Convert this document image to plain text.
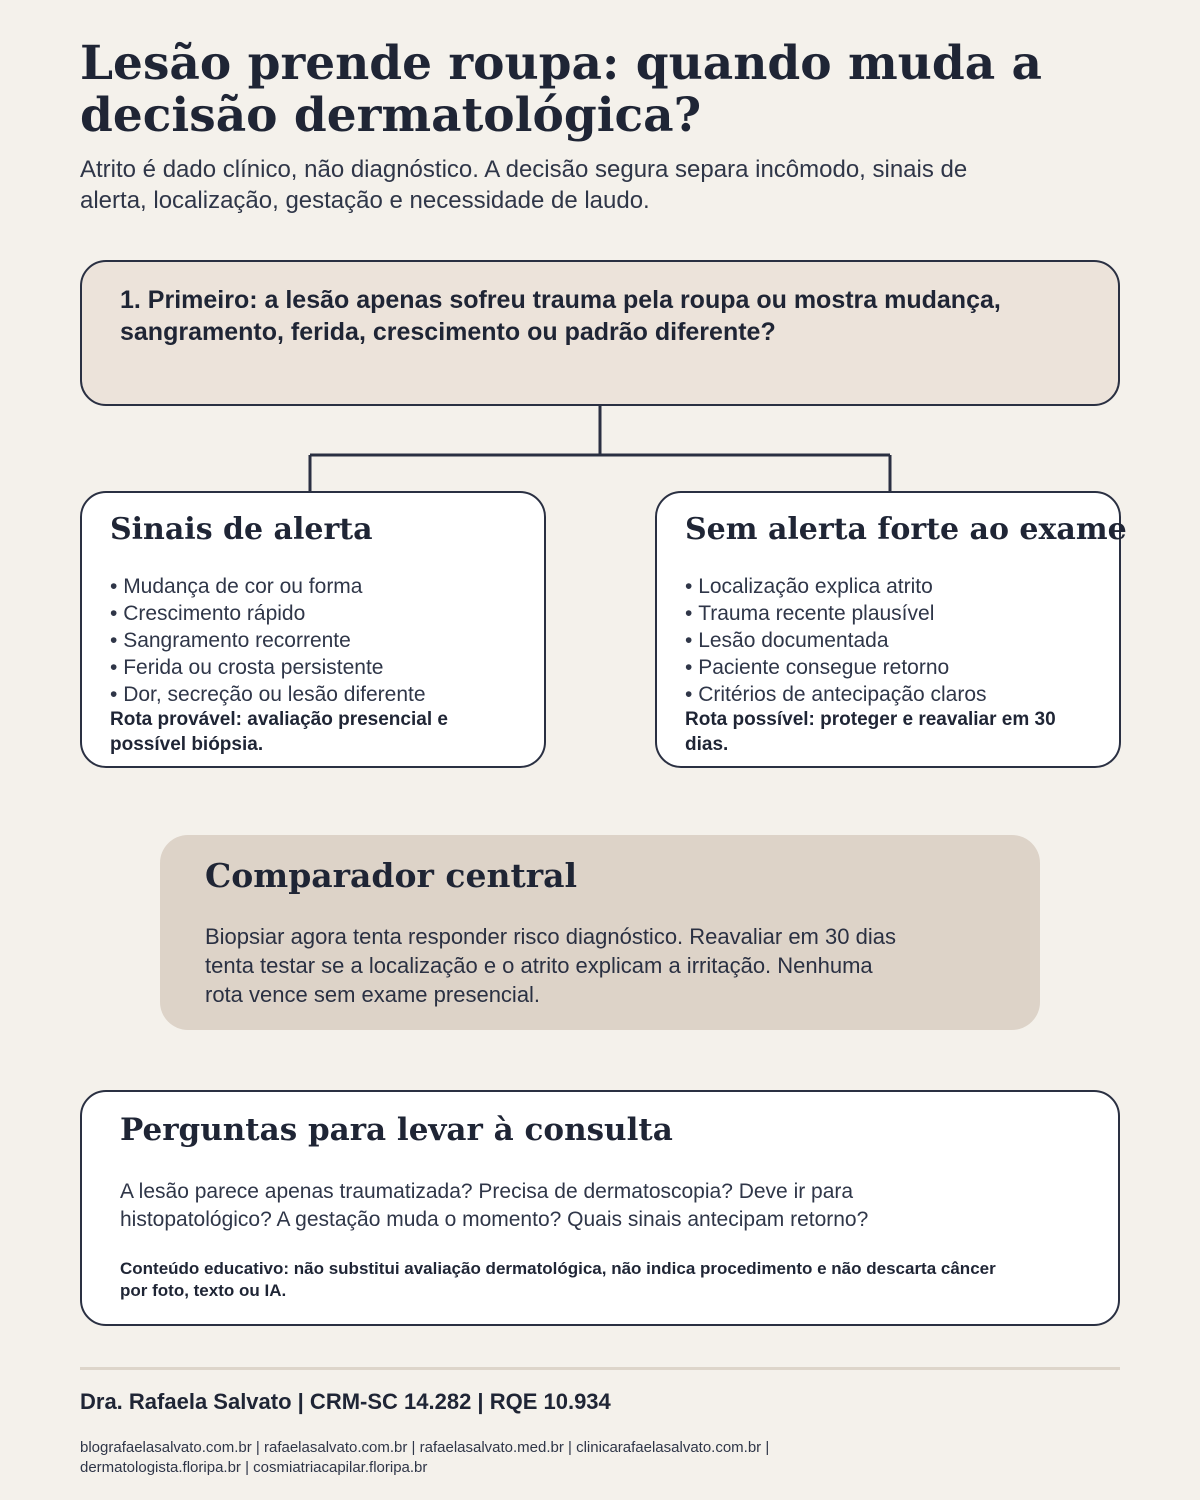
Lesão prende roupa: quando muda a decisão dermatológica?

Atrito é dado clínico, não diagnóstico. A decisão segura separa incômodo, sinais de alerta, localização, gestação e necessidade de laudo.

1. Primeiro: a lesão apenas sofreu trauma pela roupa ou mostra mudança, sangramento, ferida, crescimento ou padrão diferente?

Sinais de alerta
• Mudança de cor ou forma
• Crescimento rápido
• Sangramento recorrente
• Ferida ou crosta persistente
• Dor, secreção ou lesão diferente

Rota provável: avaliação presencial e possível biópsia.

Sem alerta forte ao exame
• Localização explica atrito
• Trauma recente plausível
• Lesão documentada
• Paciente consegue retorno
• Critérios de antecipação claros

Rota possível: proteger e reavaliar em 30 dias.

Comparador central

Biopsiar agora tenta responder risco diagnóstico. Reavaliar em 30 dias tenta testar se a localização e o atrito explicam a irritação. Nenhuma rota vence sem exame presencial.

Perguntas para levar à consulta

A lesão parece apenas traumatizada? Precisa de dermatoscopia? Deve ir para histopatológico? A gestação muda o momento? Quais sinais antecipam retorno?

Conteúdo educativo: não substitui avaliação dermatológica, não indica procedimento e não descarta câncer por foto, texto ou IA.

Dra. Rafaela Salvato | CRM-SC 14.282 | RQE 10.934

blografaelasalvato.com.br | rafaelasalvato.com.br | rafaelasalvato.med.br | clinicarafaelasalvato.com.br | dermatologista.floripa.br | cosmiatriacapilar.floripa.br
